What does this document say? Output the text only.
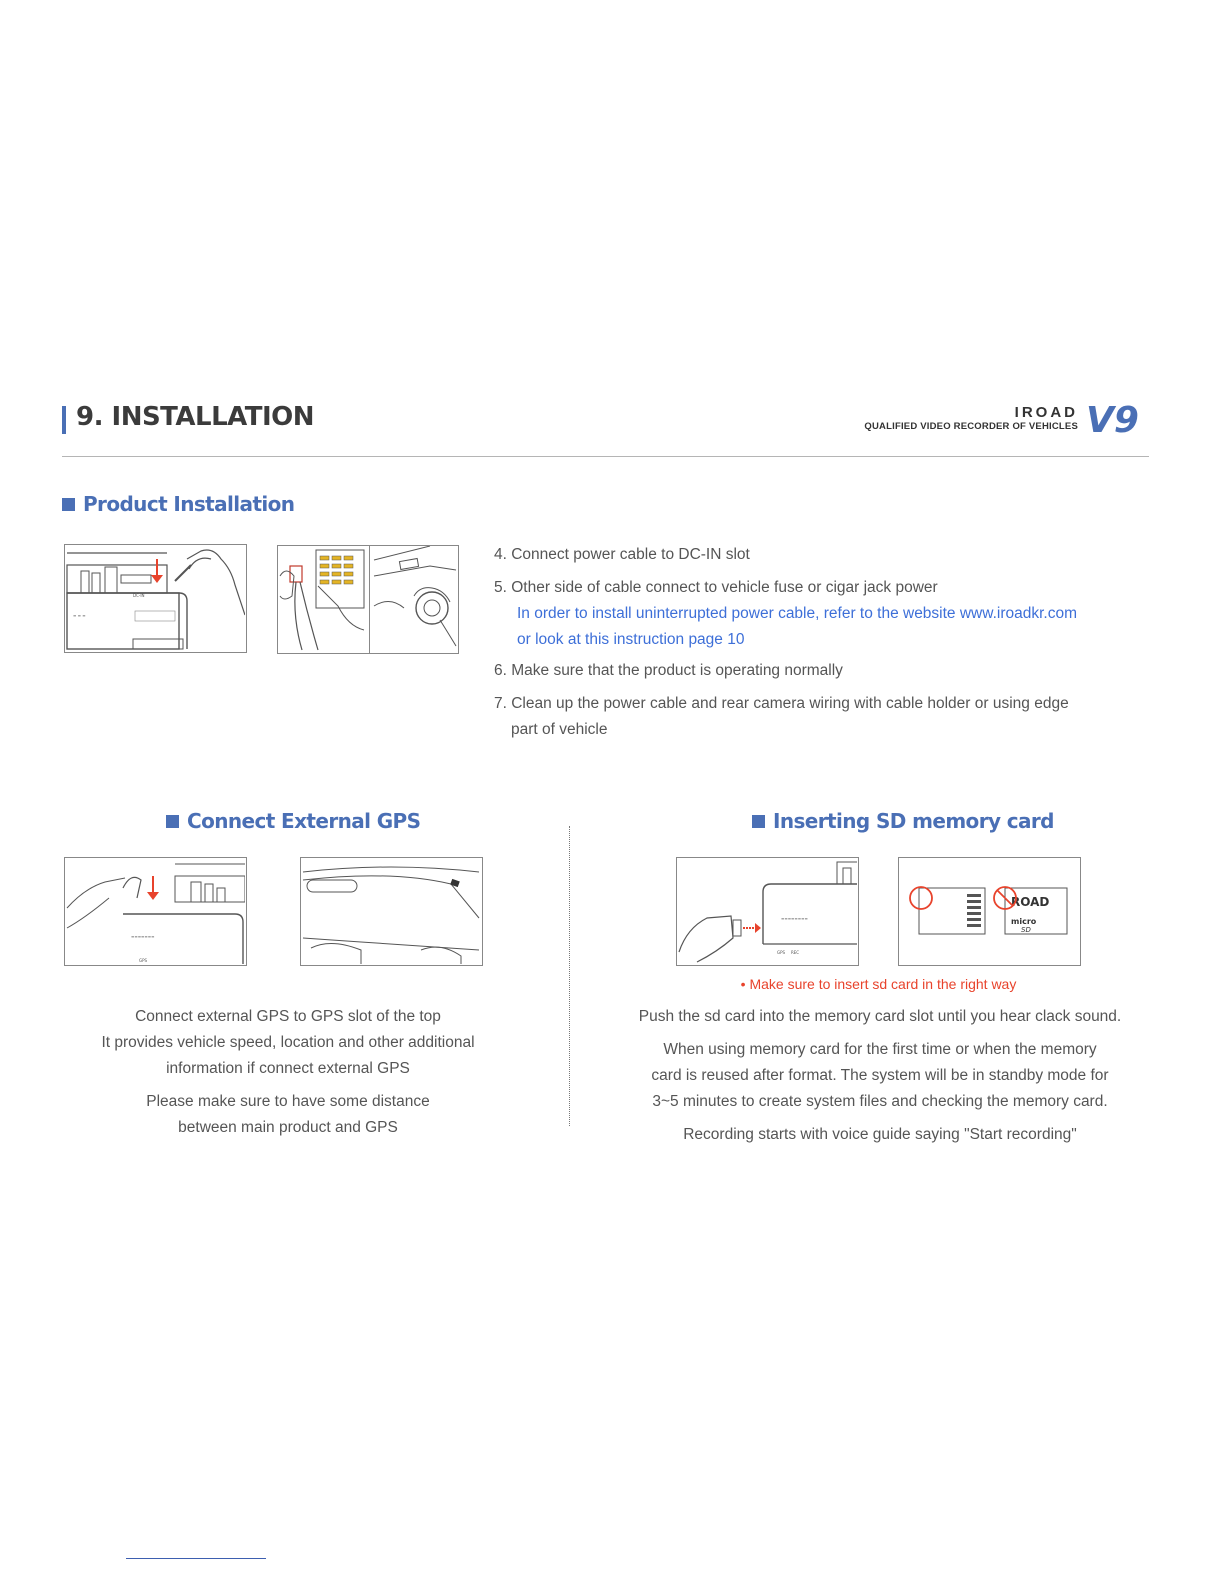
9. INSTALLATION	IROAD
QUALIFIED VIDEO RECORDER OF VEHICLES V9
Product Installation
DC-IN
≡ ≡ ≡
4. Connect power cable to DC-IN slot
5. Other side of cable connect to vehicle fuse or cigar jack power
In order to install uninterrupted power cable, refer to the website www.iroadkr.com
or look at this instruction page 10
6. Make sure that the product is operating normally
7. Clean up the power cable and rear camera wiring with cable holder or using edge
part of vehicle
Connect External GPS
≡≡≡≡≡≡≡
GPS
Connect external GPS to GPS slot of the top
It provides vehicle speed, location and other additional
information if connect external GPS
Please make sure to have some distance
between main product and GPS
Inserting SD memory card
≡≡≡≡≡≡≡≡
GPS REC
ROAD
micro
SD
• Make sure to insert sd card in the right way
Push the sd card into the memory card slot until you hear clack sound.
When using memory card for the first time or when the memory
card is reused after format. The system will be in standby mode for
3~5 minutes to create system files and checking the memory card.
Recording starts with voice guide saying "Start recording"
